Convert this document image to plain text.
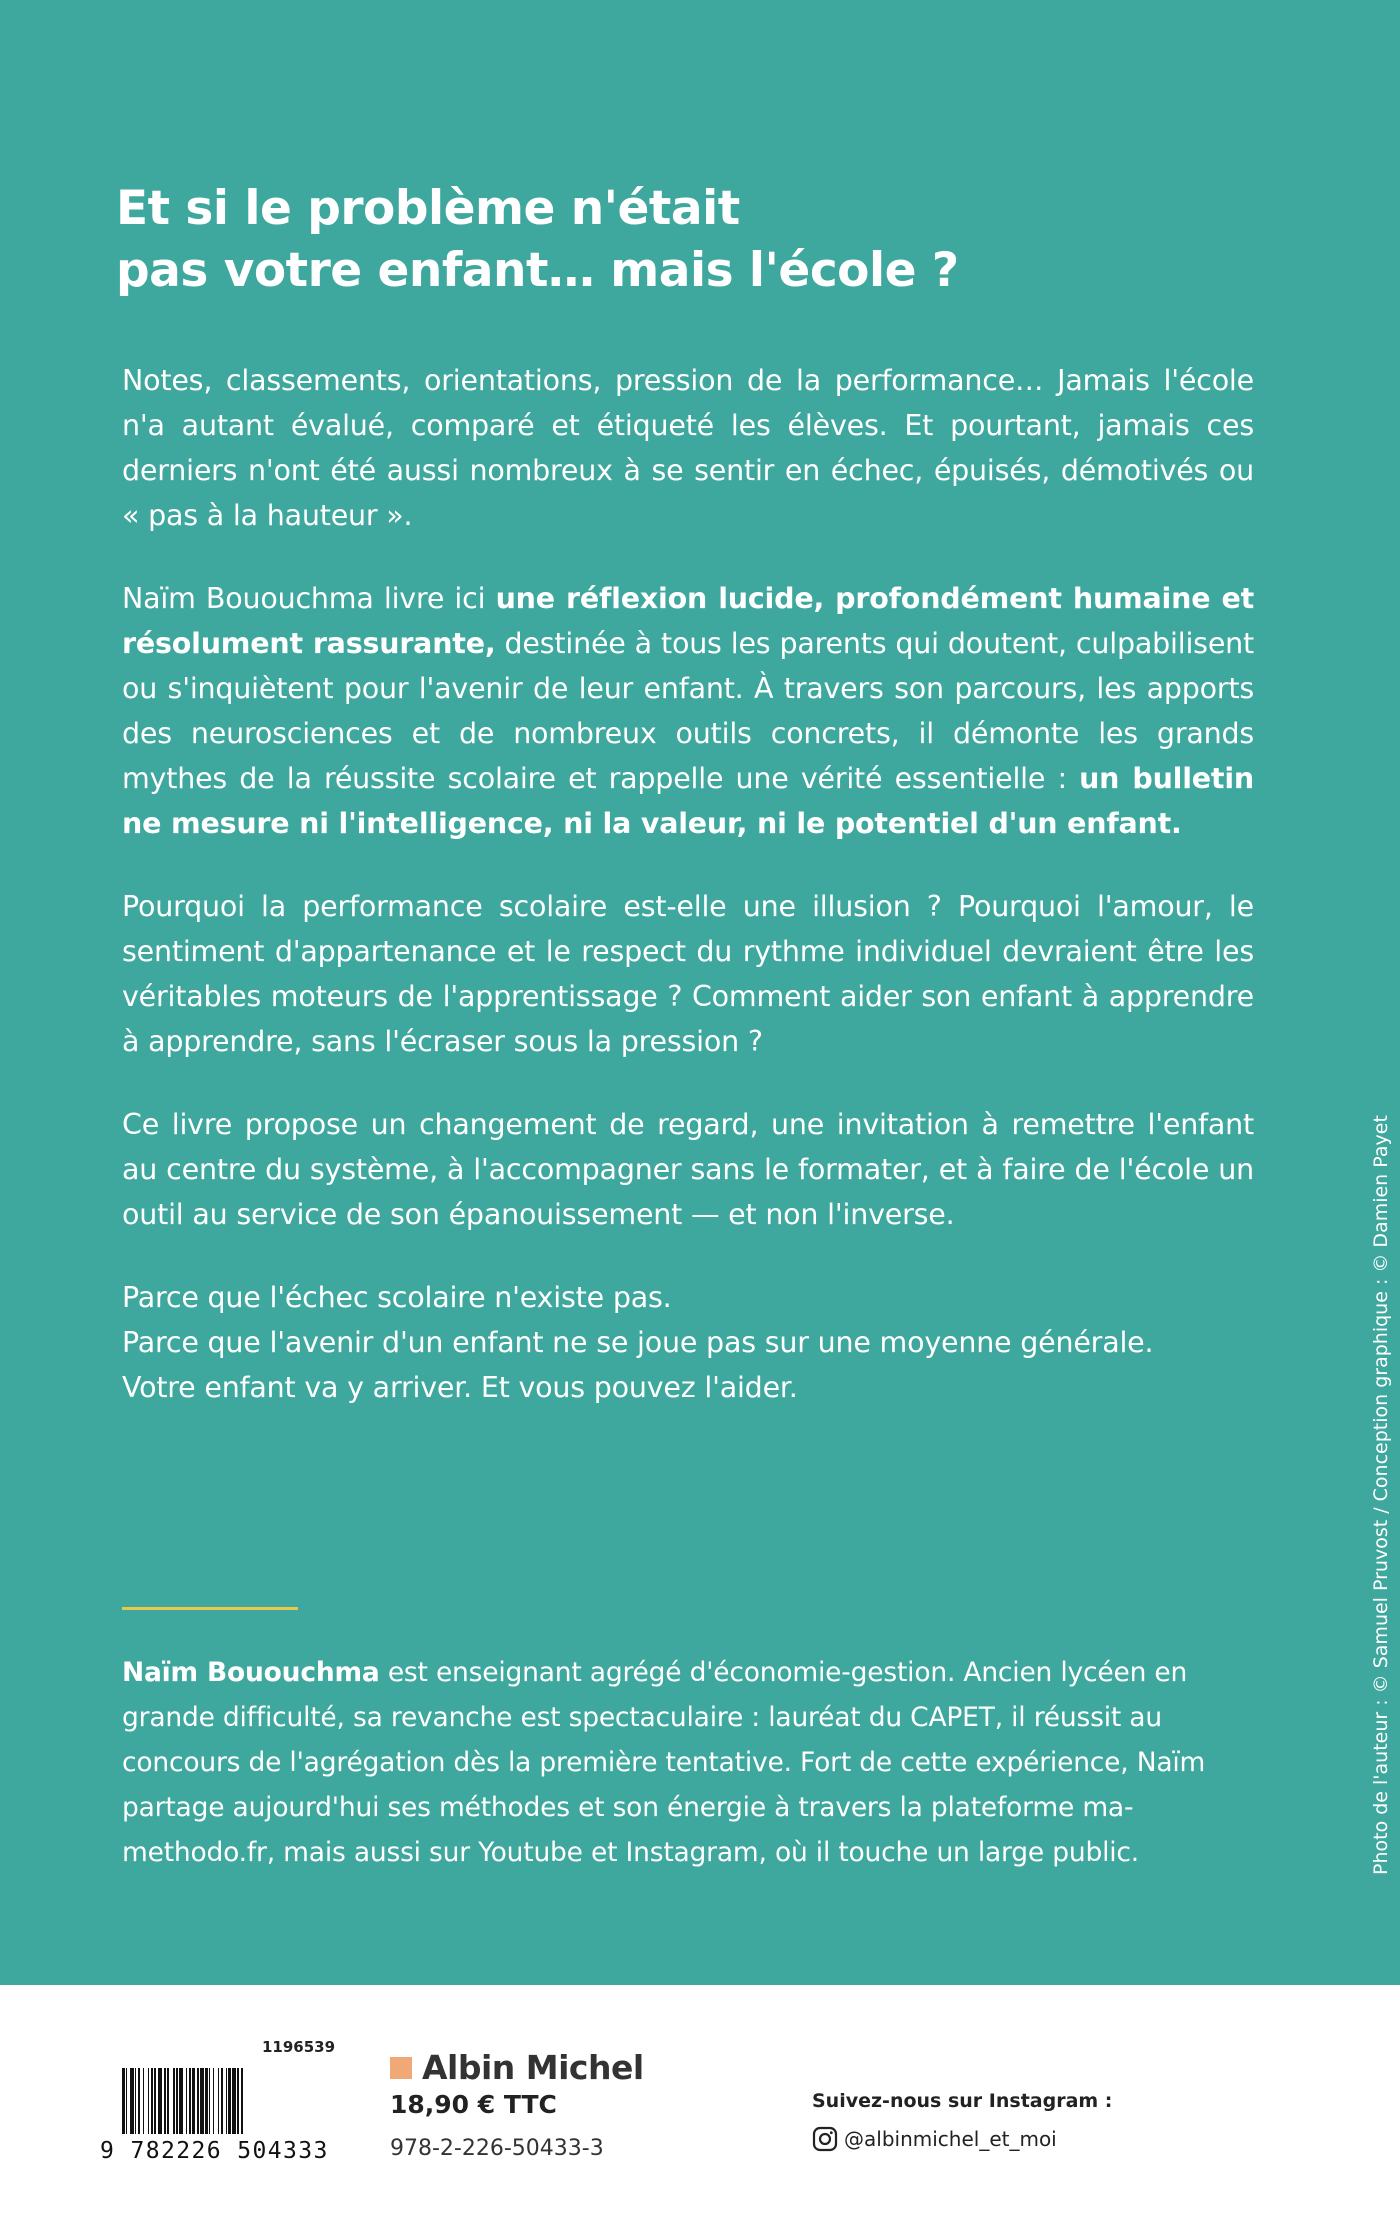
Et si le problème n'était
pas votre enfant… mais l'école ?

Notes, classements, orientations, pression de la performance… Jamais l'école n'a autant évalué, comparé et étiqueté les élèves. Et pourtant, jamais ces derniers n'ont été aussi nombreux à se sentir en échec, épuisés, démotivés ou « pas à la hauteur ».

Naïm Bououchma livre ici une réflexion lucide, profondément humaine et résolument rassurante, destinée à tous les parents qui doutent, culpabilisent ou s'inquiètent pour l'avenir de leur enfant. À travers son parcours, les apports des neurosciences et de nombreux outils concrets, il démonte les grands mythes de la réussite scolaire et rappelle une vérité essentielle : un bulletin ne mesure ni l'intelligence, ni la valeur, ni le potentiel d'un enfant.

Pourquoi la performance scolaire est-elle une illusion ? Pourquoi l'amour, le sentiment d'appartenance et le respect du rythme individuel devraient être les véritables moteurs de l'apprentissage ? Comment aider son enfant à apprendre à apprendre, sans l'écraser sous la pression ?

Ce livre propose un changement de regard, une invitation à remettre l'enfant au centre du système, à l'accompagner sans le formater, et à faire de l'école un outil au service de son épanouissement — et non l'inverse.

Parce que l'échec scolaire n'existe pas.
Parce que l'avenir d'un enfant ne se joue pas sur une moyenne générale.
Votre enfant va y arriver. Et vous pouvez l'aider.

Naïm Bououchma est enseignant agrégé d'économie-gestion. Ancien lycéen en grande difficulté, sa revanche est spectaculaire : lauréat du CAPET, il réussit au concours de l'agrégation dès la première tentative. Fort de cette expérience, Naïm partage aujourd'hui ses méthodes et son énergie à travers la plateforme ma-methodo.fr, mais aussi sur Youtube et Instagram, où il touche un large public.	Photo de l'auteur : © Samuel Pruvost / Conception graphique : © Damien Payet
1196539
9 782226 504333
Albin Michel
18,90 € TTC
978-2-226-50433-3
Suivez-nous sur Instagram :
@albinmichel_et_moi
